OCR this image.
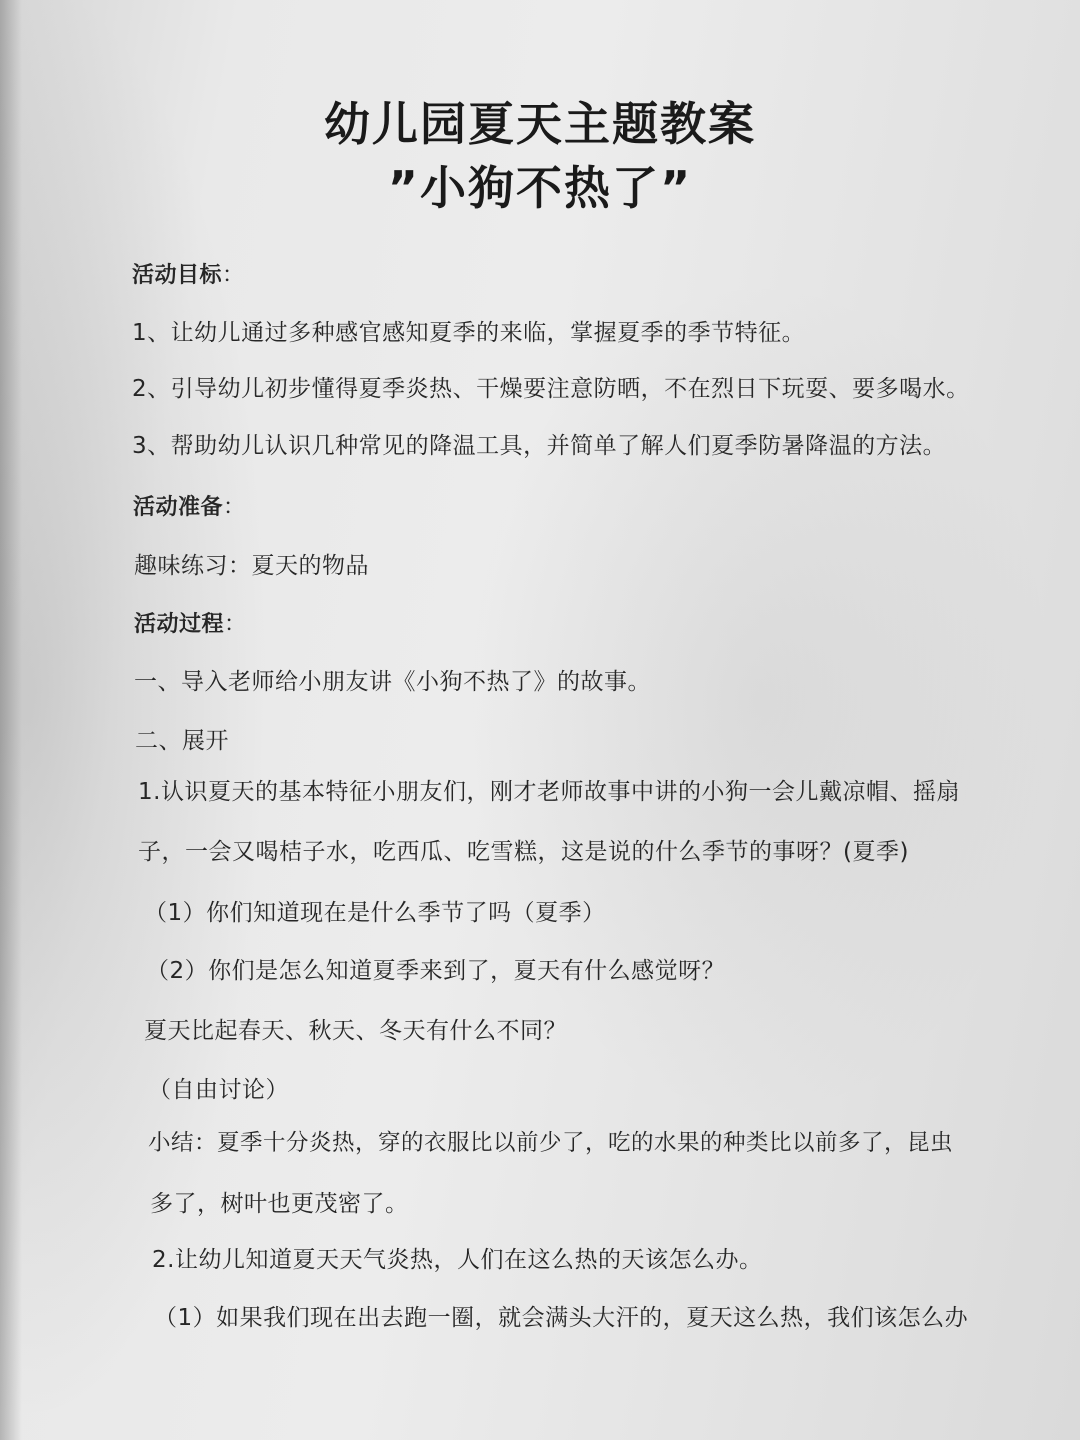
幼儿园夏天主题教案
”小狗不热了”
活动目标：
1、让幼儿通过多种感官感知夏季的来临，掌握夏季的季节特征。
2、引导幼儿初步懂得夏季炎热、干燥要注意防晒，不在烈日下玩耍、要多喝水。
3、帮助幼儿认识几种常见的降温工具，并简单了解人们夏季防暑降温的方法。
活动准备：
趣味练习：夏天的物品
活动过程：
一、导入老师给小朋友讲《小狗不热了》的故事。
二、展开
1.认识夏天的基本特征小朋友们，刚才老师故事中讲的小狗一会儿戴凉帽、摇扇
子，一会又喝桔子水，吃西瓜、吃雪糕，这是说的什么季节的事呀？(夏季)
（1）你们知道现在是什么季节了吗（夏季）
（2）你们是怎么知道夏季来到了，夏天有什么感觉呀？
夏天比起春天、秋天、冬天有什么不同？
（自由讨论）
小结：夏季十分炎热，穿的衣服比以前少了，吃的水果的种类比以前多了，昆虫
多了，树叶也更茂密了。
2.让幼儿知道夏天天气炎热，人们在这么热的天该怎么办。
（1）如果我们现在出去跑一圈，就会满头大汗的，夏天这么热，我们该怎么办
